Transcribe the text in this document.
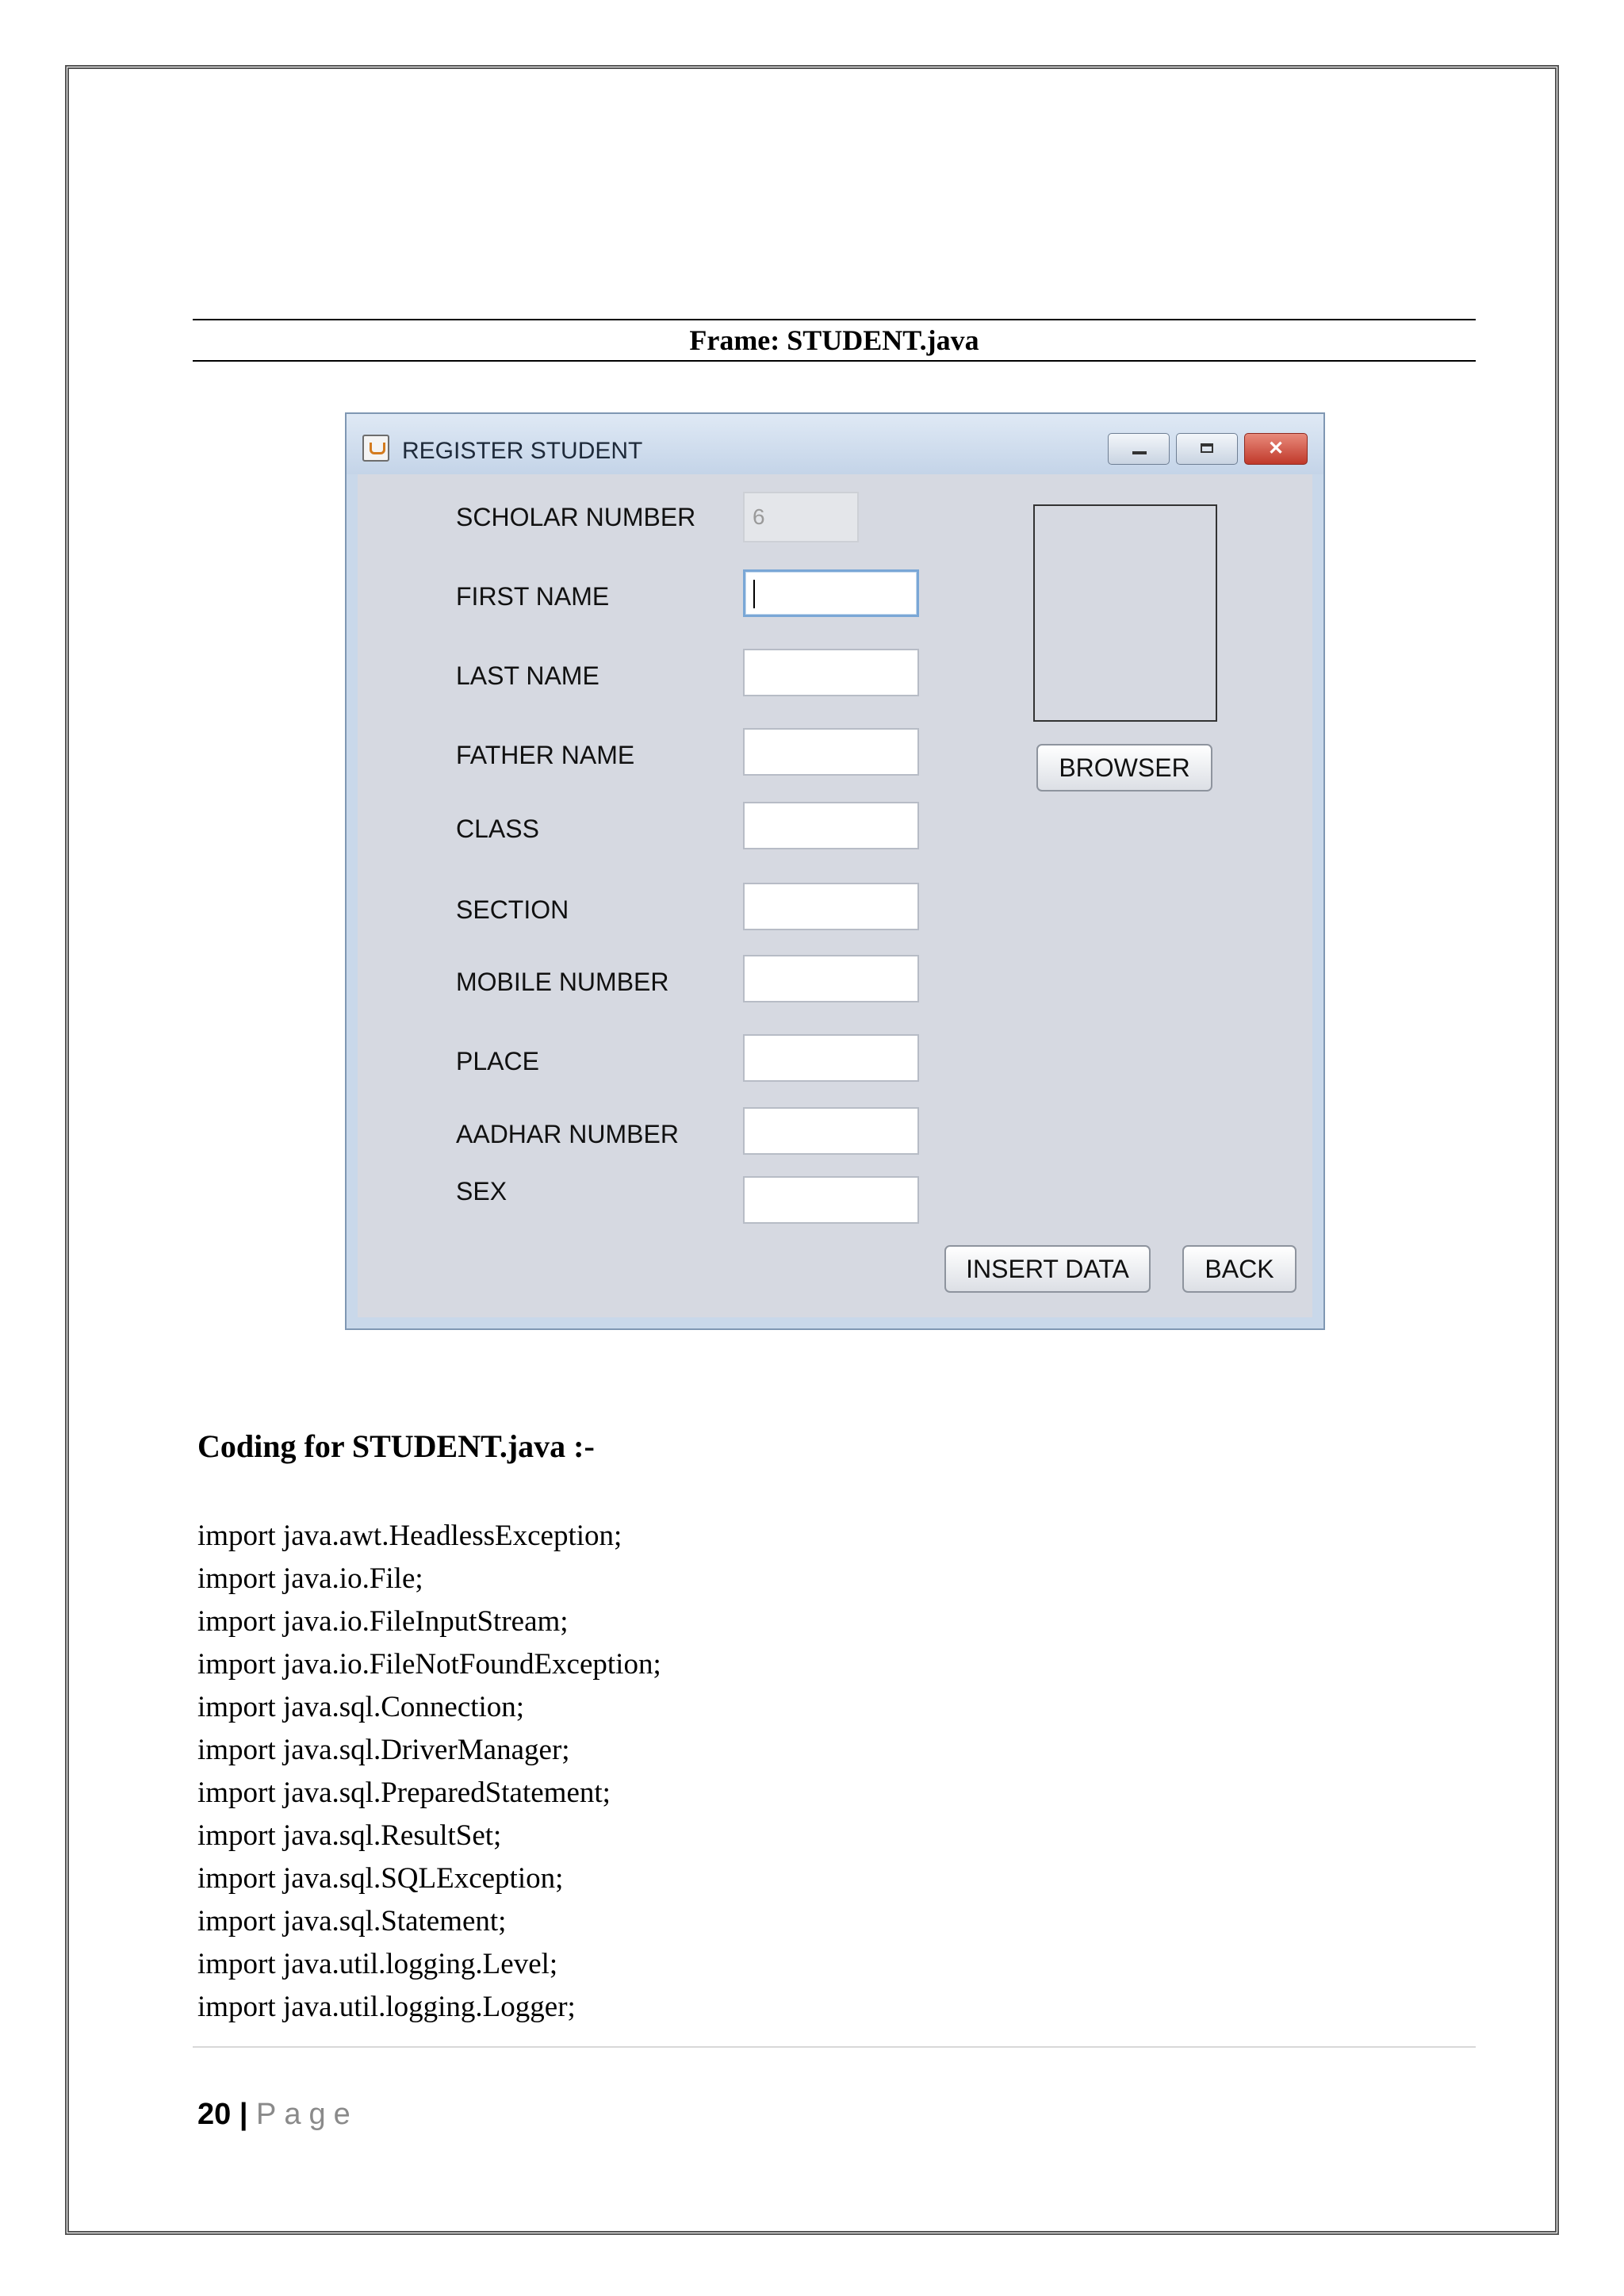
Frame: STUDENT.java
REGISTER STUDENT
✕
SCHOLAR NUMBER	6
FIRST NAME
LAST NAME
FATHER NAME
CLASS
SECTION
MOBILE NUMBER
PLACE
AADHAR NUMBER
SEX
BROWSER
INSERT DATA	BACK
Coding for STUDENT.java :-
import java.awt.HeadlessException;
import java.io.File;
import java.io.FileInputStream;
import java.io.FileNotFoundException;
import java.sql.Connection;
import java.sql.DriverManager;
import java.sql.PreparedStatement;
import java.sql.ResultSet;
import java.sql.SQLException;
import java.sql.Statement;
import java.util.logging.Level;
import java.util.logging.Logger;
20 | Page
